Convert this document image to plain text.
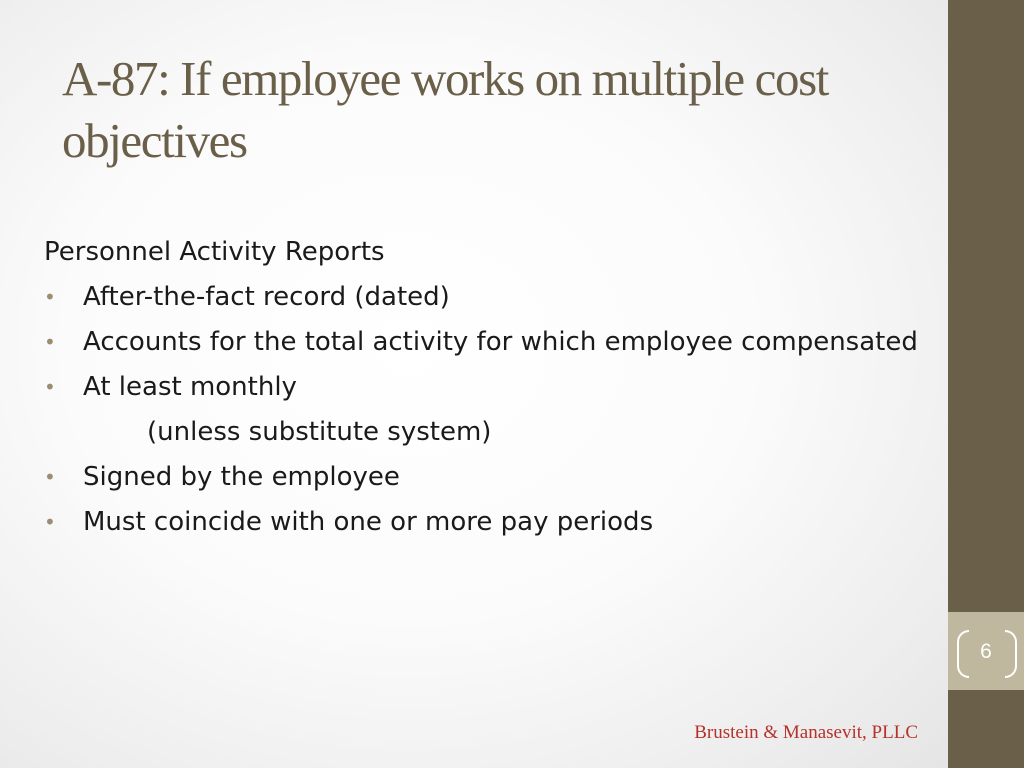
6
A-87: If employee works on multiple cost objectives
Personnel Activity Reports
• After-the-fact record (dated)
• Accounts for the total activity for which employee compensated
• At least monthly
(unless substitute system)
• Signed by the employee
• Must coincide with one or more pay periods
Brustein & Manasevit, PLLC
